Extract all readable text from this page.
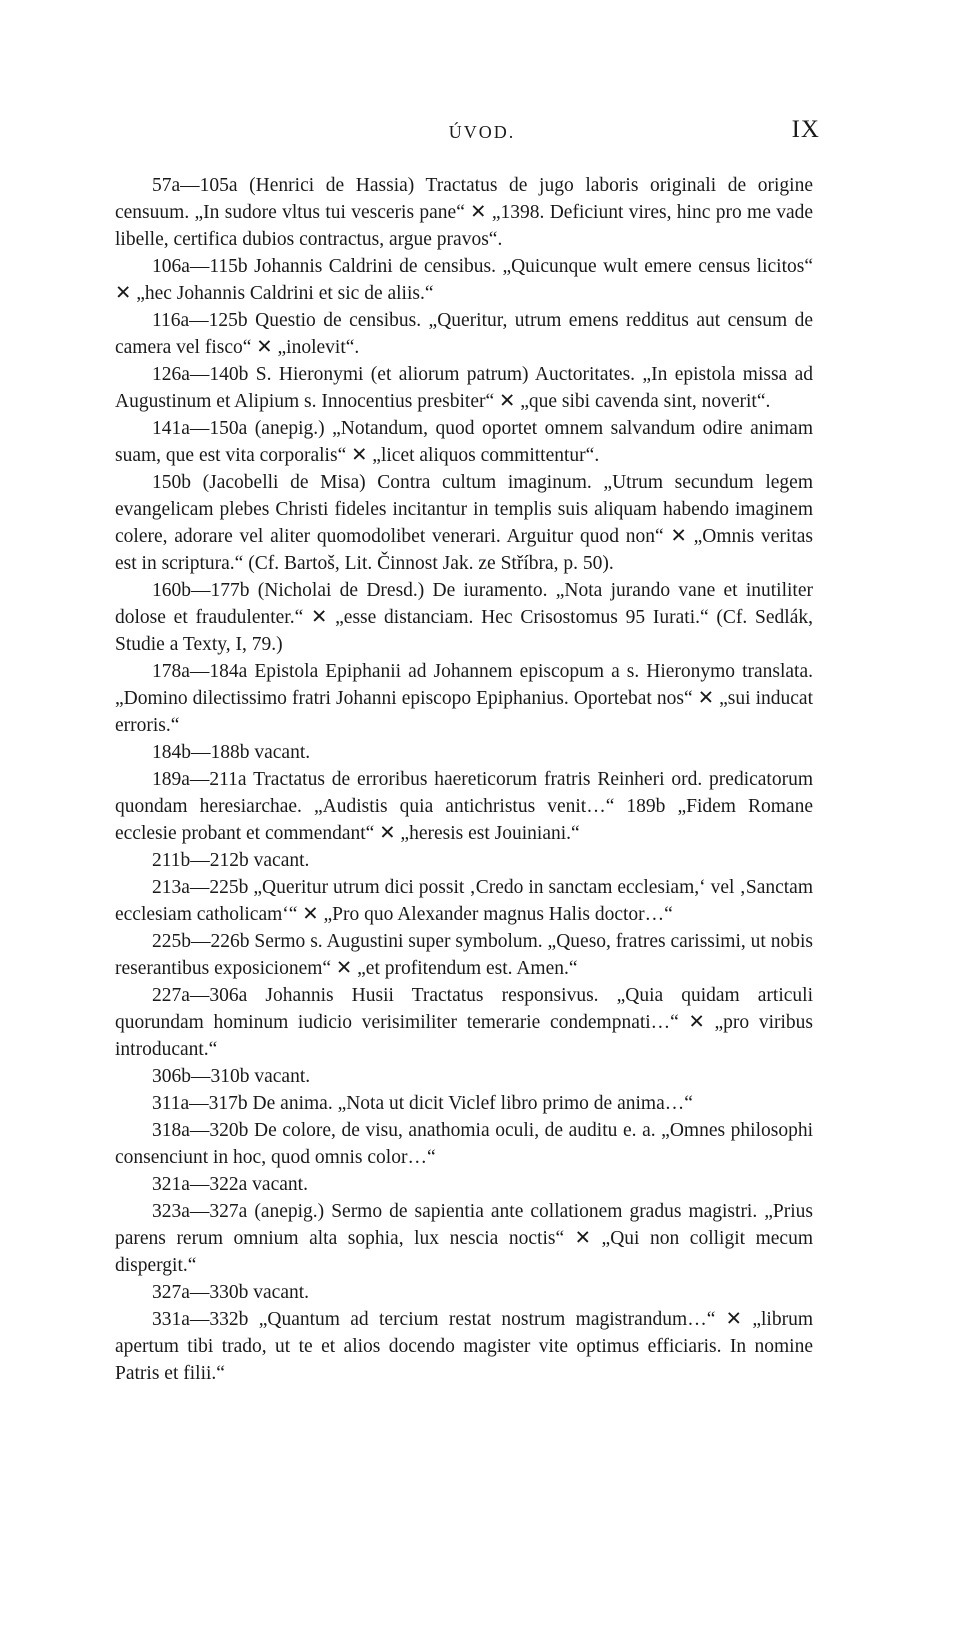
ÚVOD.	IX

57a—105a (Henrici de Hassia) Tractatus de jugo laboris originali de origine censuum. „In sudore vltus tui vesceris pane“ ✕ „1398. Deficiunt vires, hinc pro me vade libelle, certifica dubios contractus, argue pravos“.

106a—115b Johannis Caldrini de censibus. „Quicunque wult emere census licitos“ ✕ „hec Johannis Caldrini et sic de aliis.“

116a—125b Questio de censibus. „Queritur, utrum emens redditus aut censum de camera vel fisco“ ✕ „inolevit“.

126a—140b S. Hieronymi (et aliorum patrum) Auctoritates. „In epistola missa ad Augustinum et Alipium s. Innocentius presbiter“ ✕ „que sibi cavenda sint, noverit“.

141a—150a (anepig.) „Notandum, quod oportet omnem salvandum odire animam suam, que est vita corporalis“ ✕ „licet aliquos committentur“.

150b (Jacobelli de Misa) Contra cultum imaginum. „Utrum secundum legem evangelicam plebes Christi fideles incitantur in templis suis aliquam habendo imaginem colere, adorare vel aliter quomodolibet venerari. Arguitur quod non“ ✕ „Omnis veritas est in scriptura.“ (Cf. Bartoš, Lit. Činnost Jak. ze Stříbra, p. 50).

160b—177b (Nicholai de Dresd.) De iuramento. „Nota jurando vane et inutiliter dolose et fraudulenter.“ ✕ „esse distanciam. Hec Crisostomus 95 Iurati.“ (Cf. Sedlák, Studie a Texty, I, 79.)

178a—184a Epistola Epiphanii ad Johannem episcopum a s. Hieronymo translata. „Domino dilectissimo fratri Johanni episcopo Epiphanius. Oportebat nos“ ✕ „sui inducat erroris.“

184b—188b vacant.

189a—211a Tractatus de erroribus haereticorum fratris Reinheri ord. predicatorum quondam heresiarchae. „Audistis quia antichristus venit…“ 189b „Fidem Romane ecclesie probant et commendant“ ✕ „heresis est Jouiniani.“

211b—212b vacant.

213a—225b „Queritur utrum dici possit ‚Credo in sanctam ecclesiam,‘ vel ‚Sanctam ecclesiam catholicam‘“ ✕ „Pro quo Alexander magnus Halis doctor…“

225b—226b Sermo s. Augustini super symbolum. „Queso, fratres carissimi, ut nobis reserantibus exposicionem“ ✕ „et profitendum est. Amen.“

227a—306a Johannis Husii Tractatus responsivus. „Quia quidam articuli quorundam hominum iudicio verisimiliter temerarie condempnati…“ ✕ „pro viribus introducant.“

306b—310b vacant.

311a—317b De anima. „Nota ut dicit Viclef libro primo de anima…“

318a—320b De colore, de visu, anathomia oculi, de auditu e. a. „Omnes philosophi consenciunt in hoc, quod omnis color…“

321a—322a vacant.

323a—327a (anepig.) Sermo de sapientia ante collationem gradus magistri. „Prius parens rerum omnium alta sophia, lux nescia noctis“ ✕ „Qui non colligit mecum dispergit.“

327a—330b vacant.

331a—332b „Quantum ad tercium restat nostrum magistrandum…“ ✕ „librum apertum tibi trado, ut te et alios docendo magister vite optimus efficiaris. In nomine Patris et filii.“
